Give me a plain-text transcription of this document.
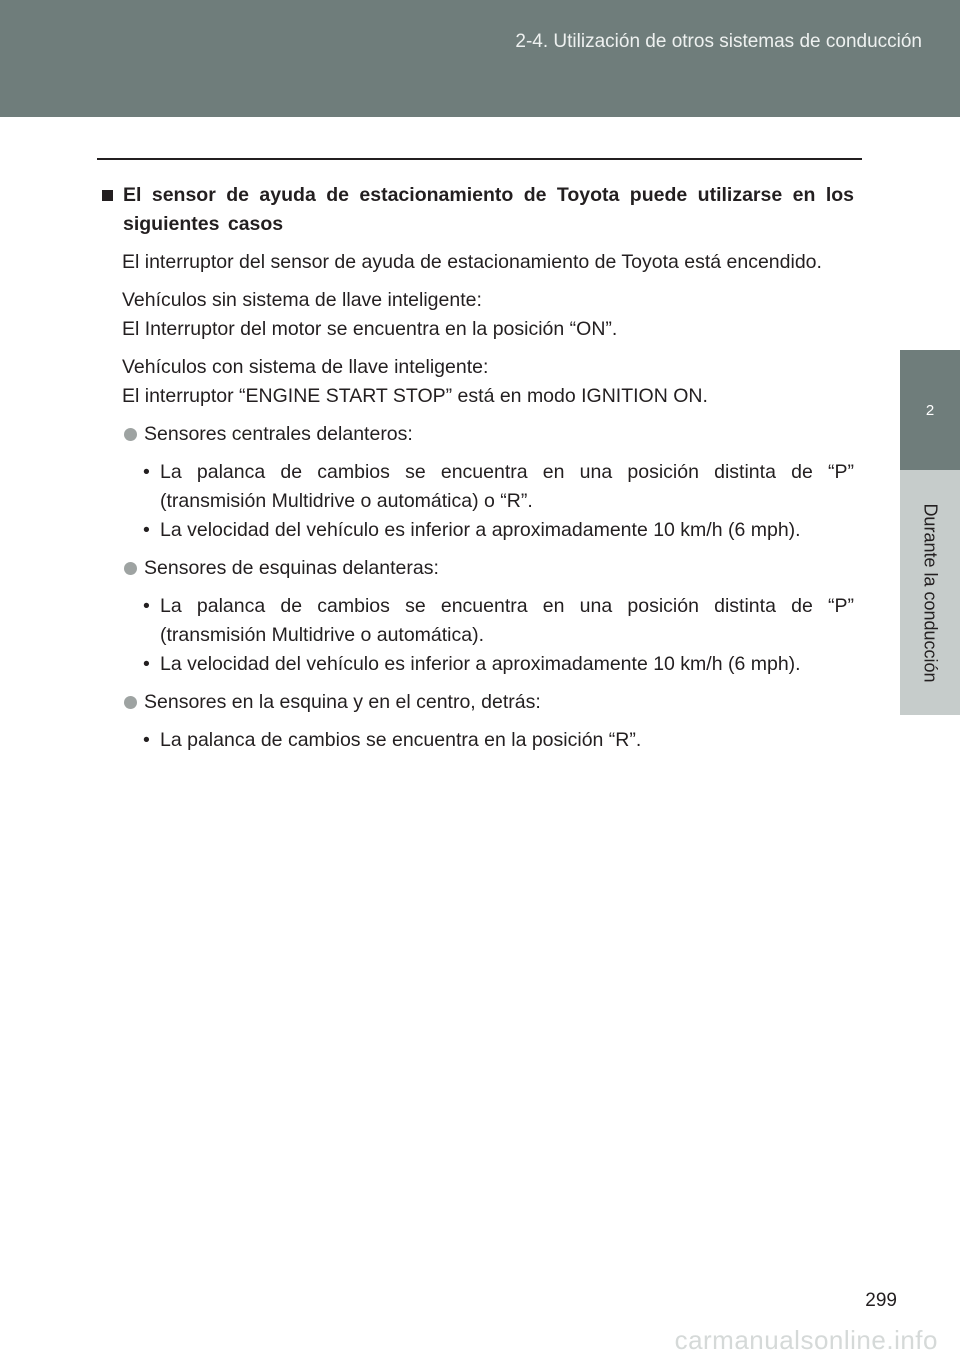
2-4. Utilización de otros sistemas de conducción
2
Durante la conducción
El sensor de ayuda de estacionamiento de Toyota puede utilizarse en los siguientes casos
El interruptor del sensor de ayuda de estacionamiento de Toyota está encendido.
Vehículos sin sistema de llave inteligente:
El Interruptor del motor se encuentra en la posición “ON”.
Vehículos con sistema de llave inteligente:
El interruptor “ENGINE START STOP” está en modo IGNITION ON.
Sensores centrales delanteros:
• La palanca de cambios se encuentra en una posición distinta de “P” (transmisión Multidrive o automática) o “R”.
• La velocidad del vehículo es inferior a aproximadamente 10 km/h (6 mph).
Sensores de esquinas delanteras:
• La palanca de cambios se encuentra en una posición distinta de “P” (transmisión Multidrive o automática).
• La velocidad del vehículo es inferior a aproximadamente 10 km/h (6 mph).
Sensores en la esquina y en el centro, detrás:
• La palanca de cambios se encuentra en la posición “R”.
299
carmanualsonline.info
